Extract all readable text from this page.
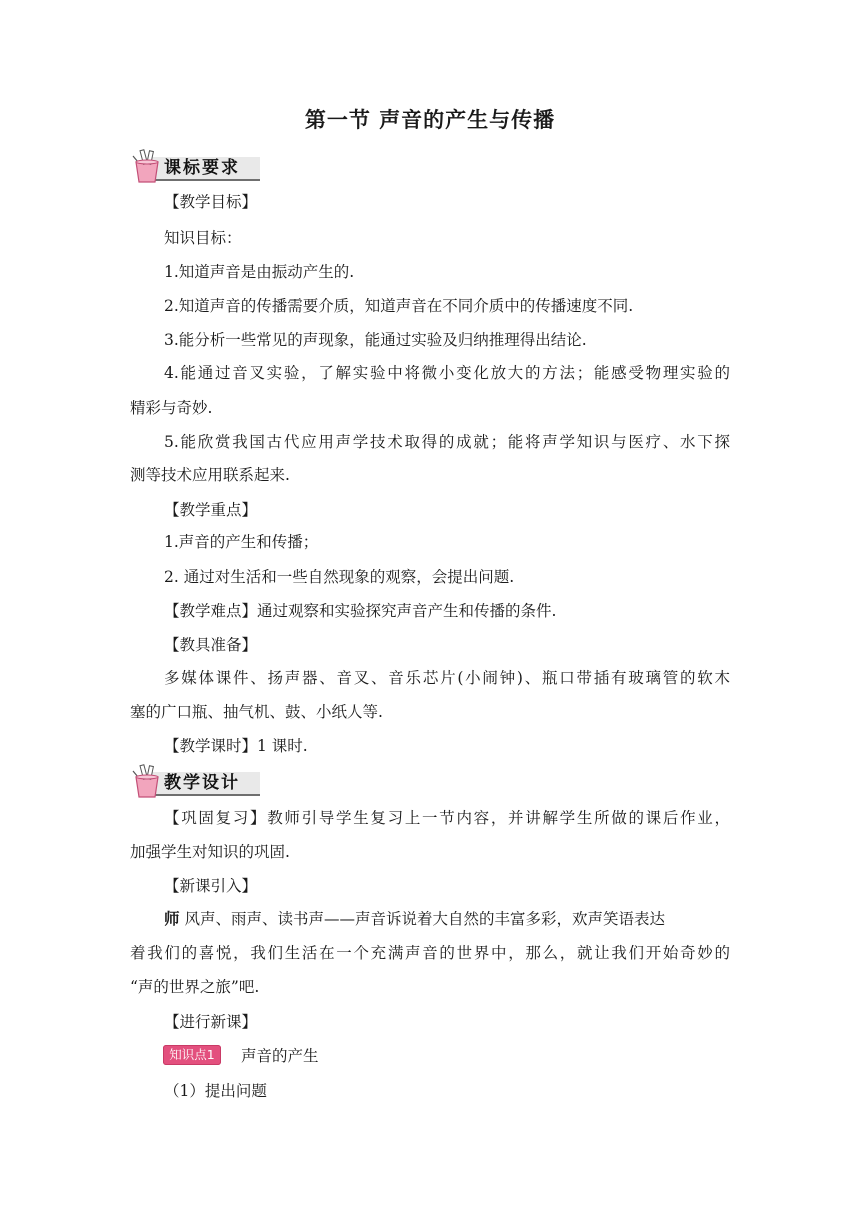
第一节 声音的产生与传播
课标要求
【教学目标】
知识目标：
1.知道声音是由振动产生的.
2.知道声音的传播需要介质，知道声音在不同介质中的传播速度不同.
3.能分析一些常见的声现象，能通过实验及归纳推理得出结论.
4.能通过音叉实验，了解实验中将微小变化放大的方法；能感受物理实验的
精彩与奇妙.
5.能欣赏我国古代应用声学技术取得的成就；能将声学知识与医疗、水下探
测等技术应用联系起来.
【教学重点】
1.声音的产生和传播；
2. 通过对生活和一些自然现象的观察，会提出问题.
【教学难点】通过观察和实验探究声音产生和传播的条件.
【教具准备】
多媒体课件、扬声器、音叉、音乐芯片(小闹钟)、瓶口带插有玻璃管的软木
塞的广口瓶、抽气机、鼓、小纸人等.
【教学课时】1 课时.
教学设计
【巩固复习】教师引导学生复习上一节内容，并讲解学生所做的课后作业，
加强学生对知识的巩固.
【新课引入】
师 风声、雨声、读书声——声音诉说着大自然的丰富多彩，欢声笑语表达
着我们的喜悦，我们生活在一个充满声音的世界中，那么，就让我们开始奇妙的
“声的世界之旅”吧.
【进行新课】
知识点1	声音的产生
（1）提出问题
